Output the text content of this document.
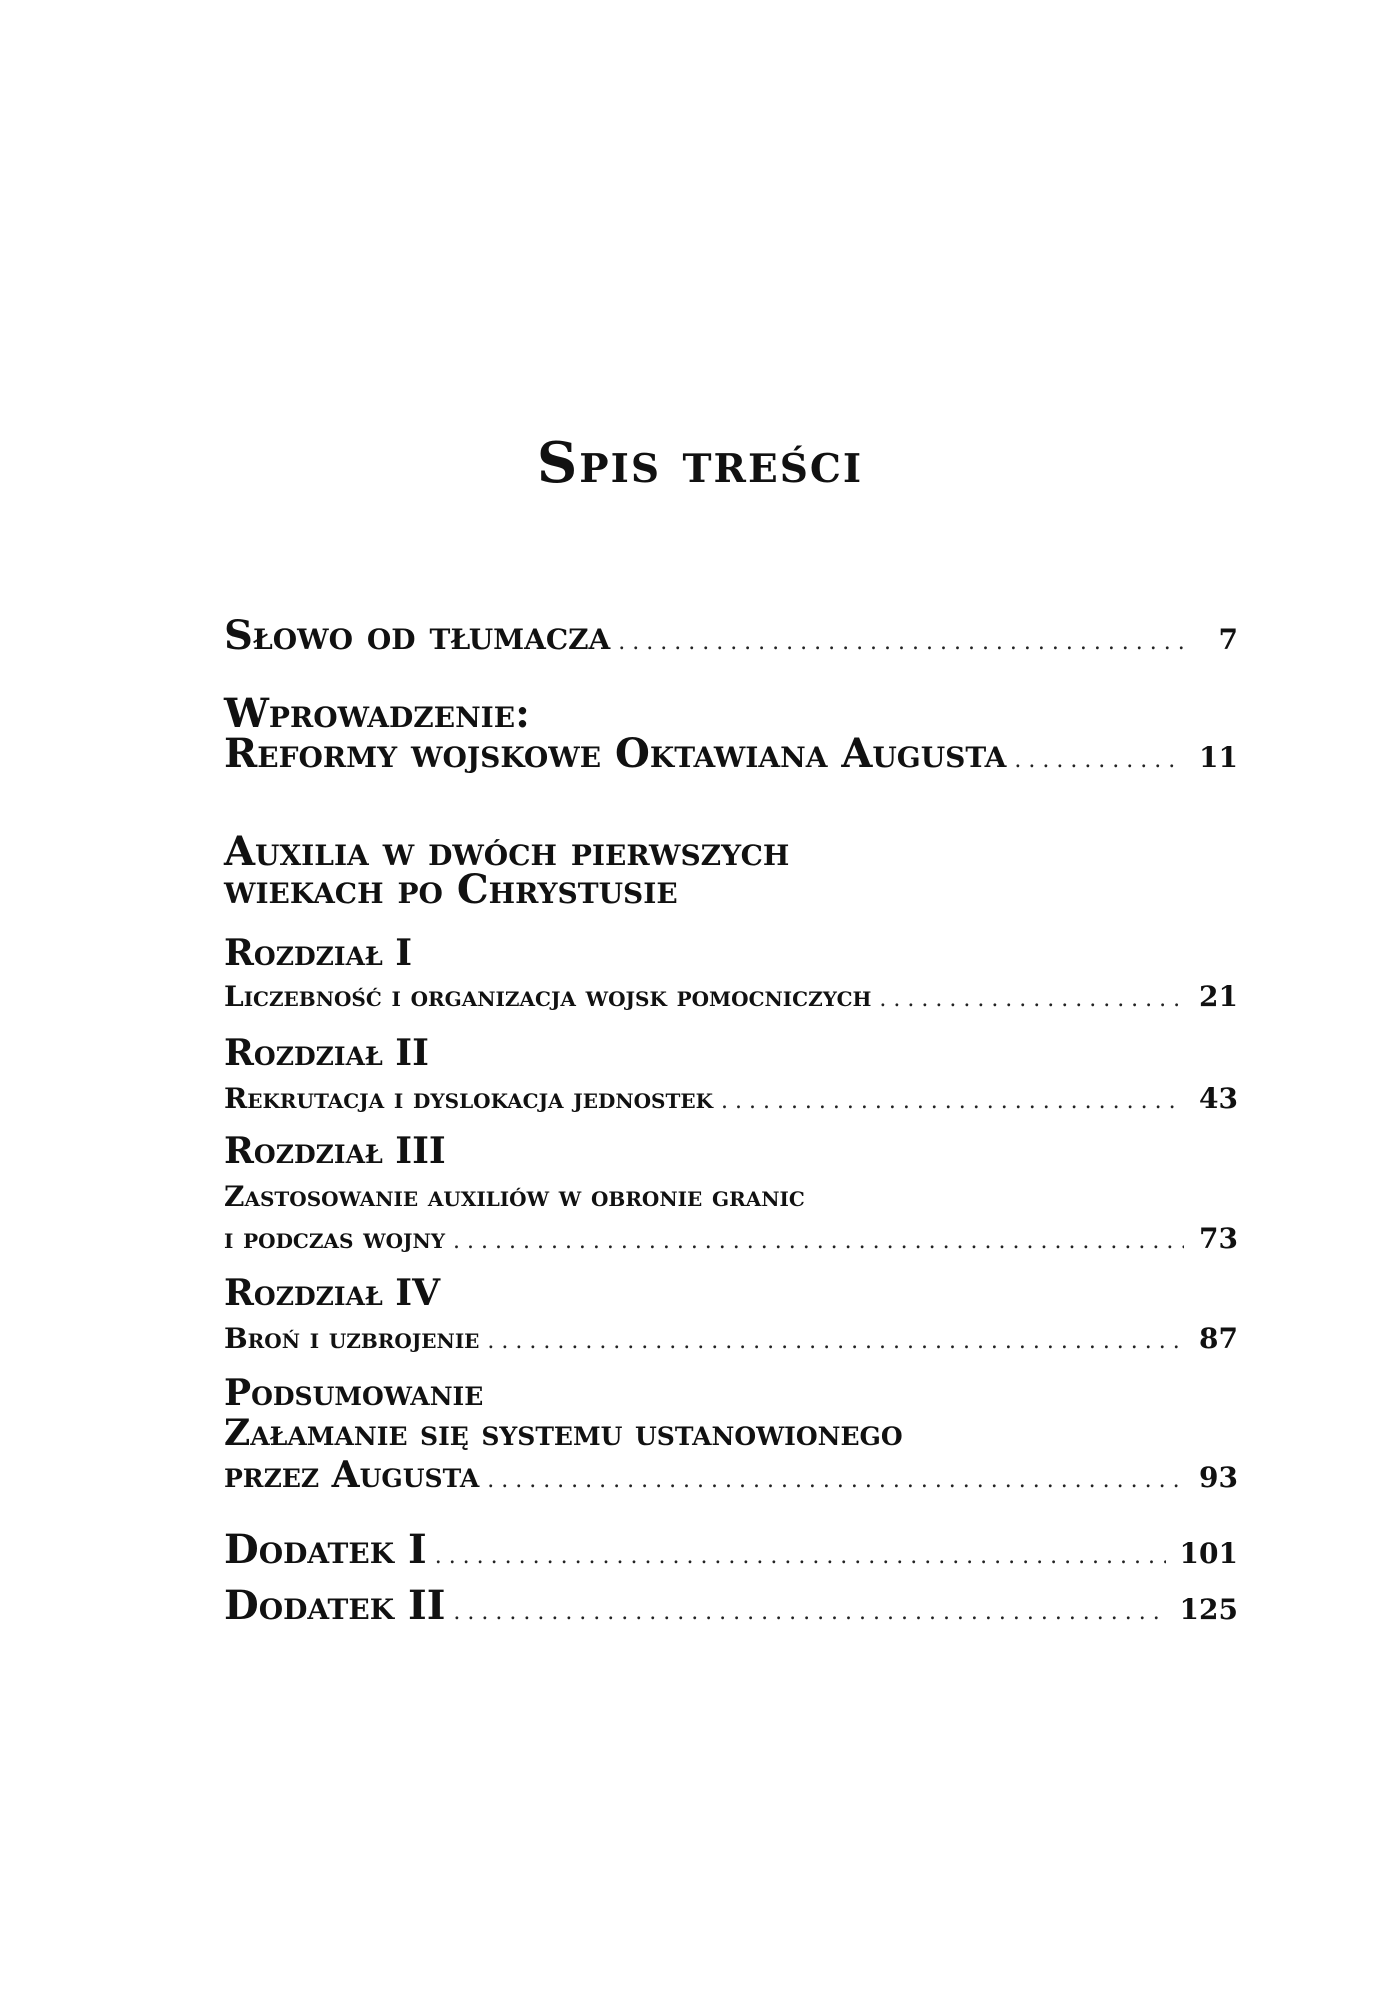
Spis treści
Słowo od tłumacza . . .	7
Wprowadzenie:
Reformy wojskowe Oktawiana Augusta . . .	11
Auxilia w dwóch pierwszych
wiekach po Chrystusie
Rozdział I
Liczebność i organizacja wojsk pomocniczych . . .	21
Rozdział II
Rekrutacja i dyslokacja jednostek . . .	43
Rozdział III
Zastosowanie auxiliów w obronie granic
i podczas wojny . . .	73
Rozdział IV
Broń i uzbrojenie . . .	87
Podsumowanie
Załamanie się systemu ustanowionego
przez Augusta . . .	93
Dodatek I . . .	101
Dodatek II . . .	125
